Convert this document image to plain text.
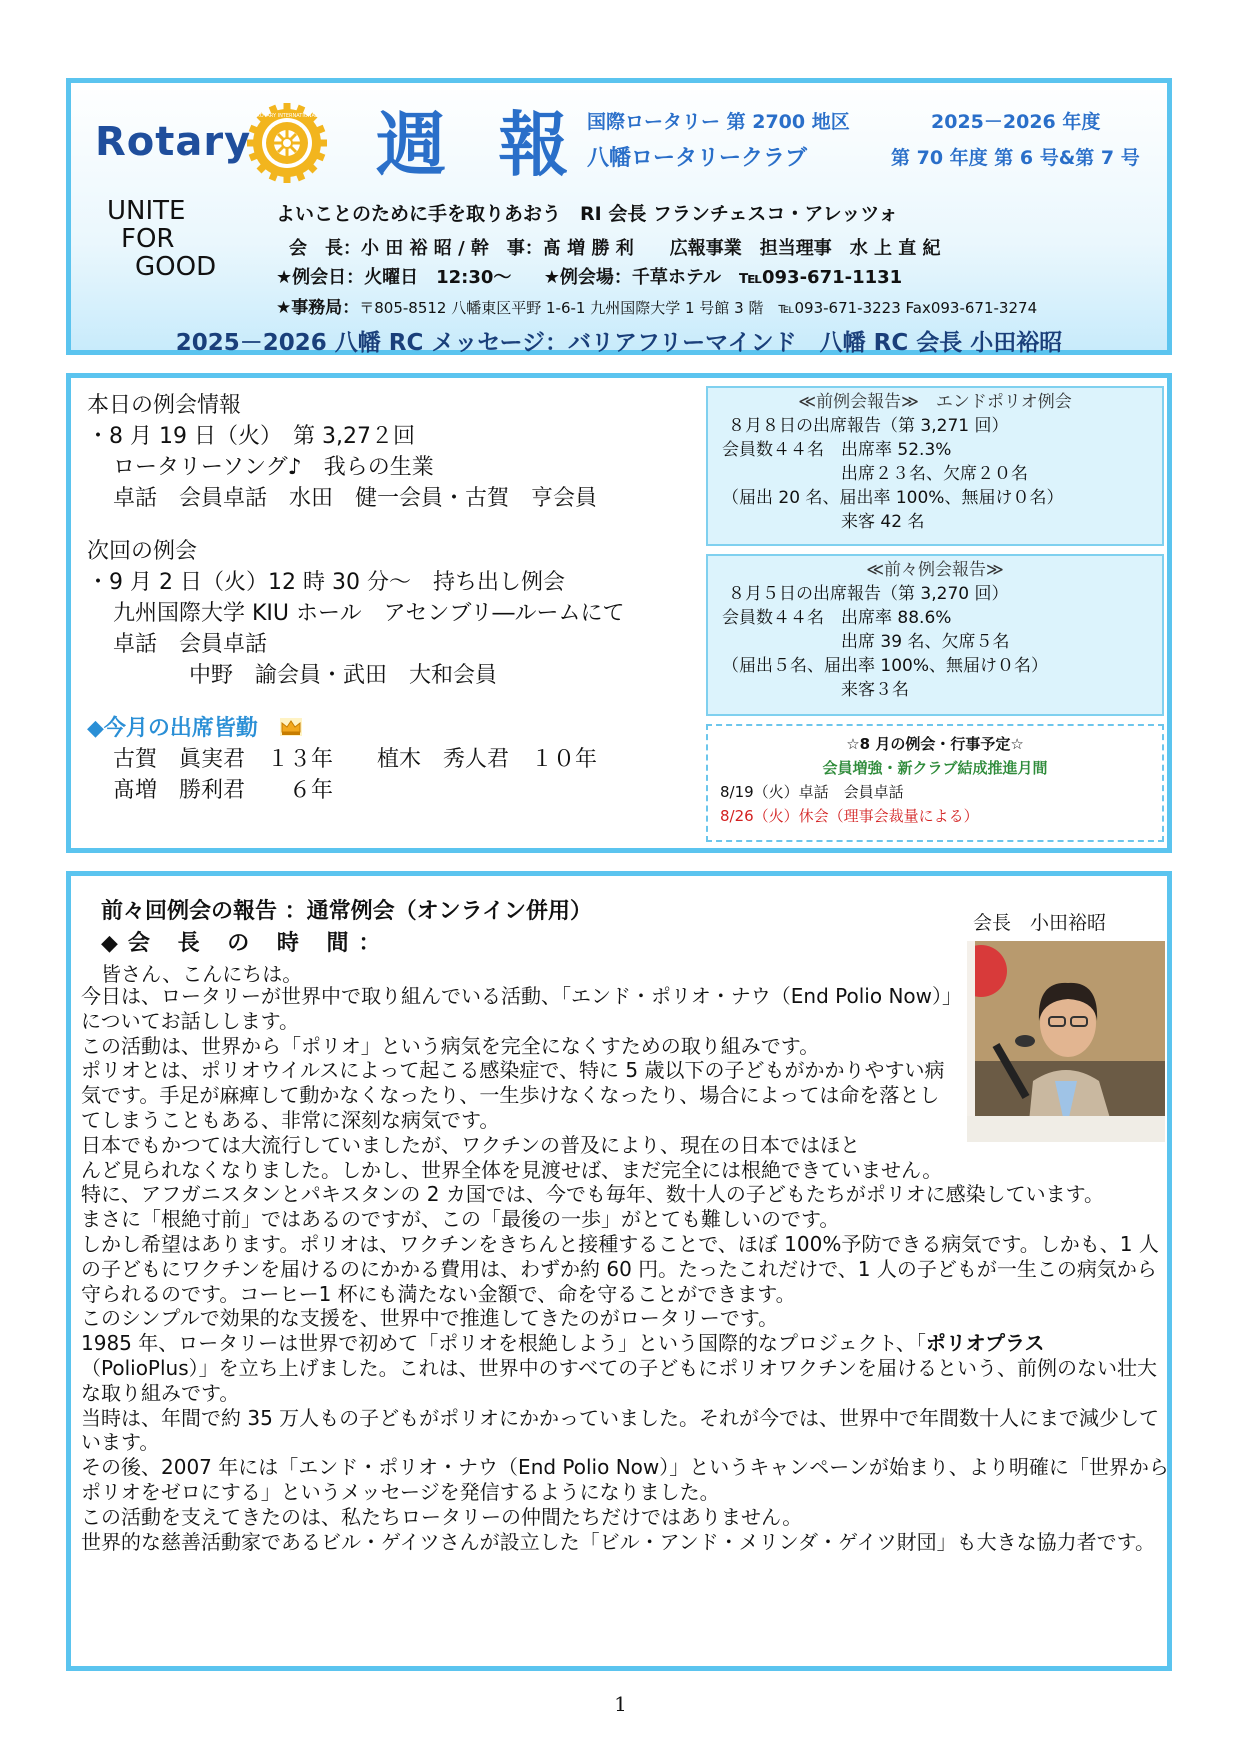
Rotary
ROTARY INTERNATIONAL 週 報 国際ロータリー 第 2700 地区
八幡ロータリークラブ
2025－2026 年度
第 70 年度 第 6 号&第 7 号
UNITE
FOR
GOOD
よいことのために手を取りあおう　RI 会長 フランチェスコ・アレッツォ
会　長：小 田 裕 昭 / 幹　事：髙 増 勝 利　　広報事業　担当理事　水 上 直 紀
★例会日：火曜日　12:30～ ★例会場：千草ホテル　℡093-671-1131
★事務局：〒805-8512 八幡東区平野 1-6-1 九州国際大学 1 号館 3 階　℡093-671-3223 Fax093-671-3274
2025－2026 八幡 RC メッセージ：バリアフリーマインド　八幡 RC 会長 小田裕昭
本日の例会情報
・8 月 19 日（火）　第 3,27２回
ロータリーソング♪　我らの生業
卓話　会員卓話　水田　健一会員・古賀　亨会員
次回の例会
・9 月 2 日（火）12 時 30 分～　持ち出し例会
九州国際大学 KIU ホール　アセンブリ―ルームにて
卓話　会員卓話
中野　諭会員・武田　大和会員
◆今月の出席皆勤
古賀　眞実君　１３年　　植木　秀人君　１０年
髙増　勝利君　　６年
≪前例会報告≫　エンドポリオ例会
８月８日の出席報告（第 3,271 回）
会員数４４名　出席率 52.3%
出席２３名、欠席２０名
（届出 20 名、届出率 100%、無届け０名）
来客 42 名
≪前々例会報告≫
８月５日の出席報告（第 3,270 回）
会員数４４名　出席率 88.6%
出席 39 名、欠席５名
（届出５名、届出率 100%、無届け０名）
来客３名
☆8 月の例会・行事予定☆
会員増強・新クラブ結成推進月間
8/19（火）卓話　会員卓話
8/26（火）休会（理事会裁量による）
前々回例会の報告 ：通常例会（オンライン併用）
◆会 長 の 時 間：
皆さん、こんにちは。
会長　小田裕昭

今日は、ロータリーが世界中で取り組んでいる活動、「エンド・ポリオ・ナウ（End Polio Now）」についてお話しします。

この活動は、世界から「ポリオ」という病気を完全になくすための取り組みです。

ポリオとは、ポリオウイルスによって起こる感染症で、特に 5 歳以下の子どもがかかりやすい病気です。手足が麻痺して動かなくなったり、一生歩けなくなったり、場合によっては命を落としてしまうこともある、非常に深刻な病気です。

日本でもかつては大流行していましたが、ワクチンの普及により、現在の日本ではほと

んど見られなくなりました。しかし、世界全体を見渡せば、まだ完全には根絶できていません。

特に、アフガニスタンとパキスタンの 2 カ国では、今でも毎年、数十人の子どもたちがポリオに感染しています。

まさに「根絶寸前」ではあるのですが、この「最後の一歩」がとても難しいのです。

しかし希望はあります。ポリオは、ワクチンをきちんと接種することで、ほぼ 100%予防できる病気です。しかも、1 人の子どもにワクチンを届けるのにかかる費用は、わずか約 60 円。たったこれだけで、1 人の子どもが一生この病気から守られるのです。コーヒー1 杯にも満たない金額で、命を守ることができます。

このシンプルで効果的な支援を、世界中で推進してきたのがロータリーです。

1985 年、ロータリーは世界で初めて「ポリオを根絶しよう」という国際的なプロジェクト、「ポリオプラス（PolioPlus）」を立ち上げました。これは、世界中のすべての子どもにポリオワクチンを届けるという、前例のない壮大な取り組みです。

当時は、年間で約 35 万人もの子どもがポリオにかかっていました。それが今では、世界中で年間数十人にまで減少しています。

その後、2007 年には「エンド・ポリオ・ナウ（End Polio Now）」というキャンペーンが始まり、より明確に「世界からポリオをゼロにする」というメッセージを発信するようになりました。

この活動を支えてきたのは、私たちロータリーの仲間たちだけではありません。

世界的な慈善活動家であるビル・ゲイツさんが設立した「ビル・アンド・メリンダ・ゲイツ財団」も大きな協力者です。

1
